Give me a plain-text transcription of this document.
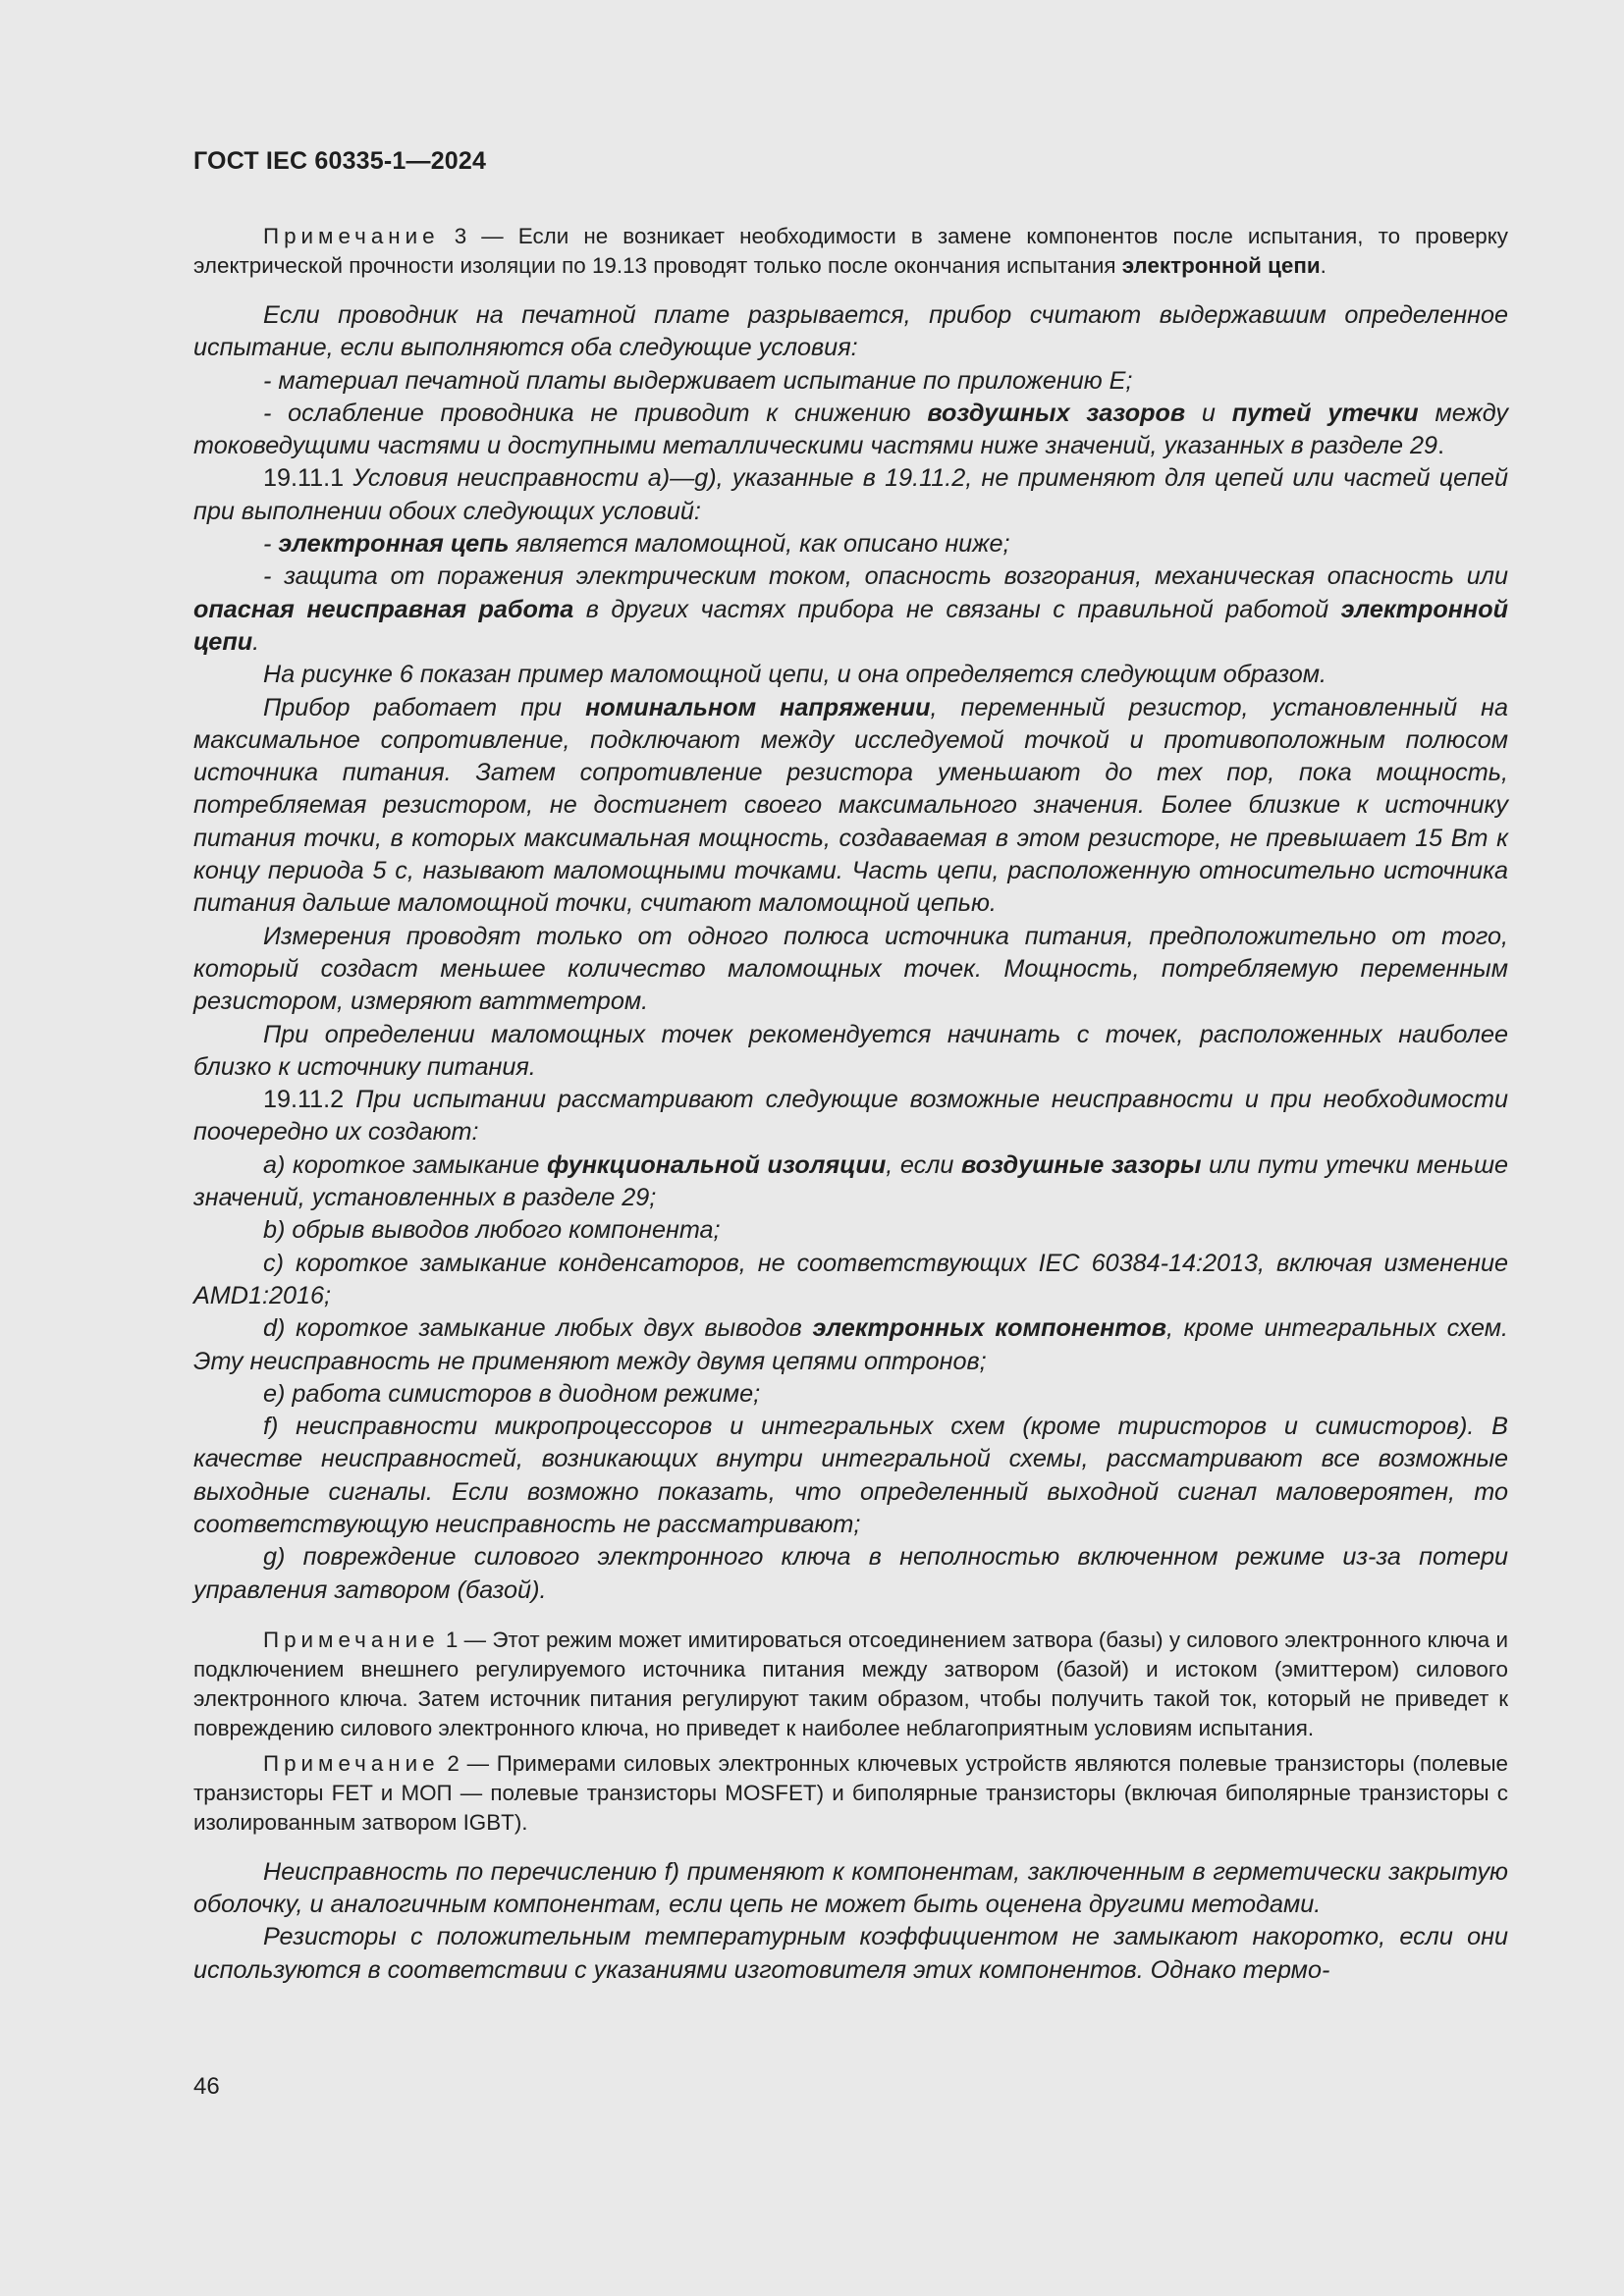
ГОСТ IEC 60335-1—2024

Примечание 3 — Если не возникает необходимости в замене компонентов после испытания, то проверку электрической прочности изоляции по 19.13 проводят только после окончания испытания электронной цепи.

Если проводник на печатной плате разрывается, прибор считают выдержавшим определенное испытание, если выполняются оба следующие условия:

- материал печатной платы выдерживает испытание по приложению E;

- ослабление проводника не приводит к снижению воздушных зазоров и путей утечки между токоведущими частями и доступными металлическими частями ниже значений, указанных в разделе 29.

19.11.1 Условия неисправности a)—g), указанные в 19.11.2, не применяют для цепей или частей цепей при выполнении обоих следующих условий:

- электронная цепь является маломощной, как описано ниже;

- защита от поражения электрическим током, опасность возгорания, механическая опасность или опасная неисправная работа в других частях прибора не связаны с правильной работой электронной цепи.

На рисунке 6 показан пример маломощной цепи, и она определяется следующим образом.

Прибор работает при номинальном напряжении, переменный резистор, установленный на максимальное сопротивление, подключают между исследуемой точкой и противоположным полюсом источника питания. Затем сопротивление резистора уменьшают до тех пор, пока мощность, потребляемая резистором, не достигнет своего максимального значения. Более близкие к источнику питания точки, в которых максимальная мощность, создаваемая в этом резисторе, не превышает 15 Вт к концу периода 5 с, называют маломощными точками. Часть цепи, расположенную относительно источника питания дальше маломощной точки, считают маломощной цепью.

Измерения проводят только от одного полюса источника питания, предположительно от того, который создаст меньшее количество маломощных точек. Мощность, потребляемую переменным резистором, измеряют ваттметром.

При определении маломощных точек рекомендуется начинать с точек, расположенных наиболее близко к источнику питания.

19.11.2 При испытании рассматривают следующие возможные неисправности и при необходимости поочередно их создают:

a) короткое замыкание функциональной изоляции, если воздушные зазоры или пути утечки меньше значений, установленных в разделе 29;

b) обрыв выводов любого компонента;

c) короткое замыкание конденсаторов, не соответствующих IEC 60384-14:2013, включая изменение AMD1:2016;

d) короткое замыкание любых двух выводов электронных компонентов, кроме интегральных схем. Эту неисправность не применяют между двумя цепями оптронов;

e) работа симисторов в диодном режиме;

f) неисправности микропроцессоров и интегральных схем (кроме тиристоров и симисторов). В качестве неисправностей, возникающих внутри интегральной схемы, рассматривают все возможные выходные сигналы. Если возможно показать, что определенный выходной сигнал маловероятен, то соответствующую неисправность не рассматривают;

g) повреждение силового электронного ключа в неполностью включенном режиме из-за потери управления затвором (базой).

Примечание 1 — Этот режим может имитироваться отсоединением затвора (базы) у силового электронного ключа и подключением внешнего регулируемого источника питания между затвором (базой) и истоком (эмиттером) силового электронного ключа. Затем источник питания регулируют таким образом, чтобы получить такой ток, который не приведет к повреждению силового электронного ключа, но приведет к наиболее неблагоприятным условиям испытания.

Примечание 2 — Примерами силовых электронных ключевых устройств являются полевые транзисторы (полевые транзисторы FET и МОП — полевые транзисторы MOSFET) и биполярные транзисторы (включая биполярные транзисторы с изолированным затвором IGBT).

Неисправность по перечислению f) применяют к компонентам, заключенным в герметически закрытую оболочку, и аналогичным компонентам, если цепь не может быть оценена другими методами.

Резисторы с положительным температурным коэффициентом не замыкают накоротко, если они используются в соответствии с указаниями изготовителя этих компонентов. Однако термо-

46
